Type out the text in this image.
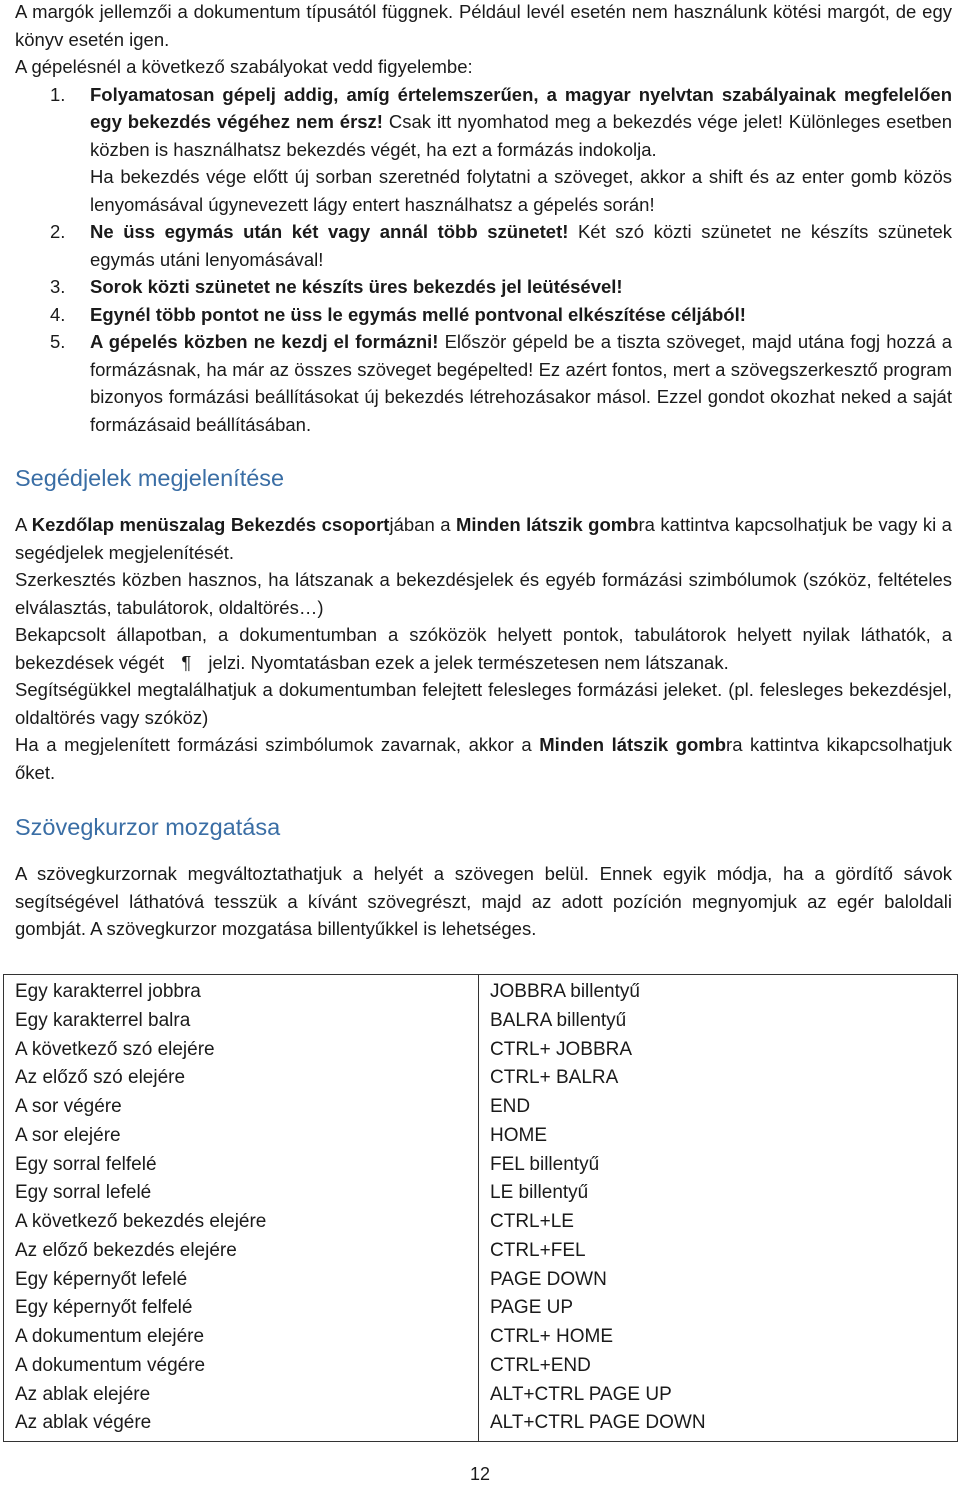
A margók jellemzői a dokumentum típusától függnek. Például levél esetén nem használunk kötési margót, de egy könyv esetén igen.
A gépelésnél a következő szabályokat vedd figyelembe:

1. Folyamatosan gépelj addig, amíg értelemszerűen, a magyar nyelvtan szabályainak megfelelően egy bekezdés végéhez nem érsz! Csak itt nyomhatod meg a bekezdés vége jelet! Különleges esetben közben is használhatsz bekezdés végét, ha ezt a formázás indokolja.

Ha bekezdés vége előtt új sorban szeretnéd folytatni a szöveget, akkor a shift és az enter gomb közös lenyomásával úgynevezett lágy entert használhatsz a gépelés során!

2. Ne üss egymás után két vagy annál több szünetet! Két szó közti szünetet ne készíts szünetek egymás utáni lenyomásával!

3. Sorok közti szünetet ne készíts üres bekezdés jel leütésével!

4. Egynél több pontot ne üss le egymás mellé pontvonal elkészítése céljából!

5. A gépelés közben ne kezdj el formázni! Először gépeld be a tiszta szöveget, majd utána fogj hozzá a formázásnak, ha már az összes szöveget begépelted! Ez azért fontos, mert a szövegszerkesztő program bizonyos formázási beállításokat új bekezdés létrehozásakor másol. Ezzel gondot okozhat neked a saját formázásaid beállításában.

Segédjelek megjelenítése

A Kezdőlap menüszalag Bekezdés csoportjában a Minden látszik gombra kattintva kapcsolhatjuk be vagy ki a segédjelek megjelenítését.

Szerkesztés közben hasznos, ha látszanak a bekezdésjelek és egyéb formázási szimbólumok (szóköz, feltételes elválasztás, tabulátorok, oldaltörés…)

Bekapcsolt állapotban, a dokumentumban a szóközök helyett pontok, tabulátorok helyett nyilak láthatók, a bekezdések végét ¶ jelzi. Nyomtatásban ezek a jelek természetesen nem látszanak.

Segítségükkel megtalálhatjuk a dokumentumban felejtett felesleges formázási jeleket. (pl. felesleges bekezdésjel, oldaltörés vagy szóköz)

Ha a megjelenített formázási szimbólumok zavarnak, akkor a Minden látszik gombra kattintva kikapcsolhatjuk őket.

Szövegkurzor mozgatása

A szövegkurzornak megváltoztathatjuk a helyét a szövegen belül. Ennek egyik módja, ha a gördítő sávok segítségével láthatóvá tesszük a kívánt szövegrészt, majd az adott pozíción megnyomjuk az egér baloldali gombját. A szövegkurzor mozgatása billentyűkkel is lehetséges.

Egy karakterrel jobbra	JOBBRA billentyű
Egy karakterrel balra	BALRA billentyű
A következő szó elejére	CTRL+ JOBBRA
Az előző szó elejére	CTRL+ BALRA
A sor végére	END
A sor elejére	HOME
Egy sorral felfelé	FEL billentyű
Egy sorral lefelé	LE billentyű
A következő bekezdés elejére	CTRL+LE
Az előző bekezdés elejére	CTRL+FEL
Egy képernyőt lefelé	PAGE DOWN
Egy képernyőt felfelé	PAGE UP
A dokumentum elejére	CTRL+ HOME
A dokumentum végére	CTRL+END
Az ablak elejére	ALT+CTRL PAGE UP
Az ablak végére	ALT+CTRL PAGE DOWN
12
